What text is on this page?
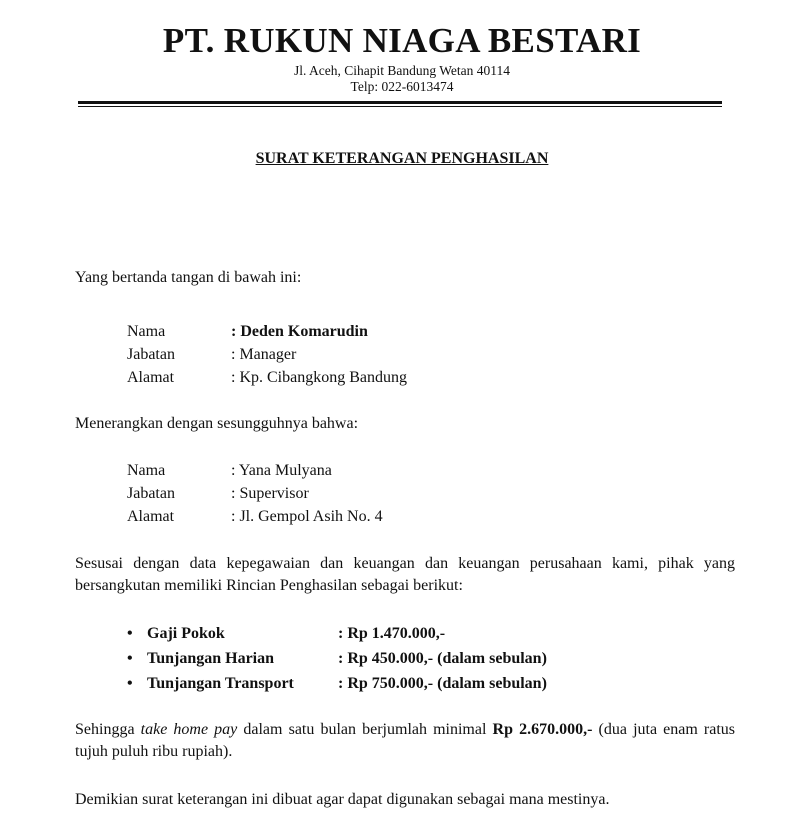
PT. RUKUN NIAGA BESTARI
Jl. Aceh, Cihapit Bandung Wetan 40114
Telp: 022-6013474
SURAT KETERANGAN PENGHASILAN
Yang bertanda tangan di bawah ini:
Nama	: Deden Komarudin
Jabatan	: Manager
Alamat	: Kp. Cibangkong Bandung
Menerangkan dengan sesungguhnya bahwa:
Nama	: Yana Mulyana
Jabatan	: Supervisor
Alamat	: Jl. Gempol Asih No. 4
Sesusai dengan data kepegawaian dan keuangan dan keuangan perusahaan kami, pihak yang bersangkutan memiliki Rincian Penghasilan sebagai berikut:
• Gaji Pokok	: Rp 1.470.000,-
• Tunjangan Harian	: Rp 450.000,- (dalam sebulan)
• Tunjangan Transport	: Rp 750.000,- (dalam sebulan)
Sehingga take home pay dalam satu bulan berjumlah minimal Rp 2.670.000,- (dua juta enam ratus tujuh puluh ribu rupiah).
Demikian surat keterangan ini dibuat agar dapat digunakan sebagai mana mestinya.
